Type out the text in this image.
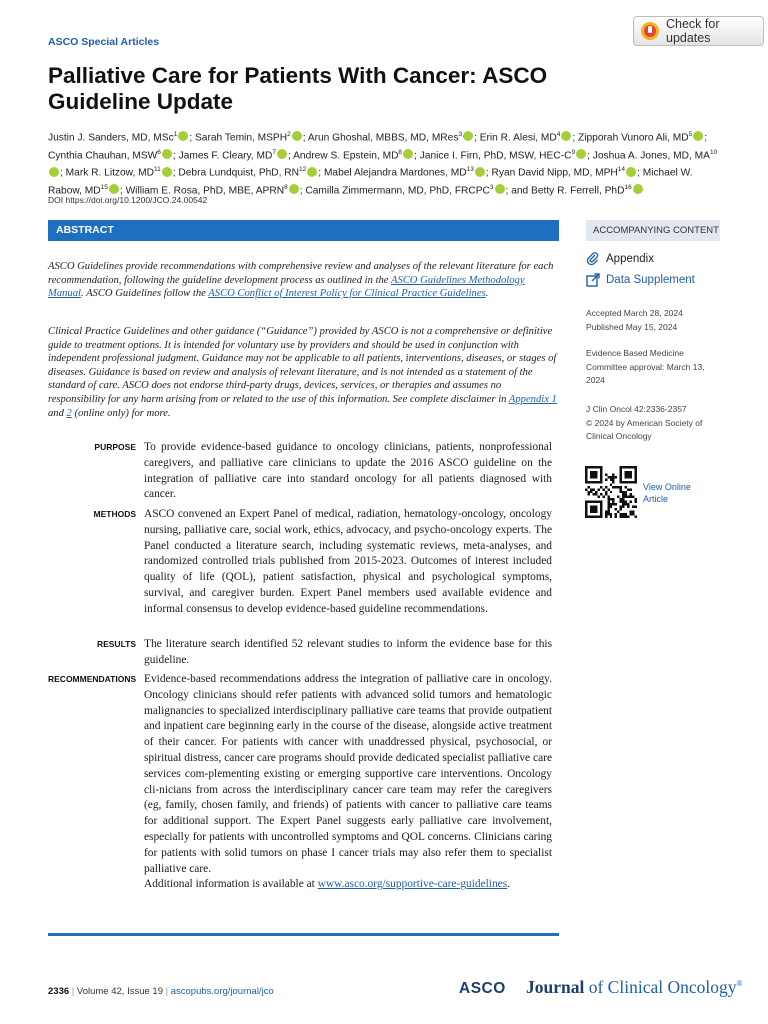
ASCO Special Articles
Check for updates
Palliative Care for Patients With Cancer: ASCO Guideline Update
Justin J. Sanders, MD, MSc$^1$ ; Sarah Temin, MSPH$^2$ ; Arun Ghoshal, MBBS, MD, MRes$^3$ ; Erin R. Alesi, $MD^4$ ; Zipporah Vunoro Ali, $MD^5$ ; Cynthia Chauhan, MSW$^6$ ; James F. Cleary, $MD^7$ ; Andrew S. Epstein, $MD^8$ ; Janice I. Firn, PhD, MSW, HEC-$C^9$ ; Joshua A. Jones, MD, MA$^{10}$; Mark R. Litzow, MD$^{11}$ ; Debra Lundquist, PhD, RN$^{12}$ ; Mabel Alejandra Mardones, MD$^{13}$ ; Ryan David Nipp, MD, MPH$^{14}$ ; Michael W. Rabow, MD$^{15}$ ; William E. Rosa, PhD, MBE, APRN$^8$ ; Camilla Zimmermann, MD, PhD, FRCPC$^3$ ; and Betty R. Ferrell, PhD$^{16}$
DOI https://doi.org/10.1200/JCO.24.00542
ABSTRACT	ACCOMPANYING CONTENT

ASCO Guidelines provide recommendations with comprehensive review and analyses of the relevant literature for each recommendation, following the guideline development process as outlined in the ASCO Guidelines Methodology Manual. ASCO Guidelines follow the ASCO Conflict of Interest Policy for Clinical Practice Guidelines.

Clinical Practice Guidelines and other guidance (“Guidance”) provided by ASCO is not a comprehensive or definitive guide to treatment options. It is intended for voluntary use by providers and should be used in conjunction with independent professional judgment. Guidance may not be applicable to all patients, interventions, diseases, or stages of diseases. Guidance is based on review and analysis of relevant literature, and is not intended as a statement of the standard of care. ASCO does not endorse third-party drugs, devices, services, or therapies and assumes no responsibility for any harm arising from or related to the use of this information. See complete disclaimer in Appendix 1 and 2 (online only) for more.

PURPOSE To provide evidence-based guidance to oncology clinicians, patients, nonprofessional caregivers, and palliative care clinicians to update the 2016 ASCO guideline on the integration of palliative care into standard oncology for all patients diagnosed with cancer.
METHODS ASCO convened an Expert Panel of medical, radiation, hematology-oncology, oncology nursing, palliative care, social work, ethics, advocacy, and psycho-oncology experts. The Panel conducted a literature search, including systematic reviews, meta-analyses, and randomized controlled trials published from 2015-2023. Outcomes of interest included quality of life (QOL), patient satisfaction, physical and psychological symptoms, survival, and caregiver burden. Expert Panel members used available evidence and informal consensus to develop evidence-based guideline recommendations.
RESULTS The literature search identified 52 relevant studies to inform the evidence base for this guideline.
RECOMMENDATIONS Evidence-based recommendations address the integration of palliative care in oncology. Oncology clinicians should refer patients with advanced solid tumors and hematologic malignancies to specialized interdisciplinary palliative care teams that provide outpatient and inpatient care beginning early in the course of the disease, alongside active treatment of their cancer. For patients with cancer with unaddressed physical, psychosocial, or spiritual distress, cancer care programs should provide dedicated specialist palliative care services com-plementing existing or emerging supportive care interventions. Oncology cli-nicians from across the interdisciplinary cancer care team may refer the caregivers (eg, family, chosen family, and friends) of patients with cancer to palliative care teams for additional support. The Expert Panel suggests early palliative care involvement, especially for patients with uncontrolled symptoms and QOL concerns. Clinicians caring for patients with solid tumors on phase I cancer trials may also refer them to specialist palliative care.
Additional information is available at www.asco.org/supportive-care-guidelines.
Appendix
Data Supplement
Accepted March 28, 2024
Published May 15, 2024
Evidence Based Medicine Committee approval: March 13, 2024
J Clin Oncol 42:2336-2357
© 2024 by American Society of Clinical Oncology
View Online Article
2336 | Volume 42, Issue 19 | ascopubs.org/journal/jco	ASCO Journal of Clinical Oncology®
